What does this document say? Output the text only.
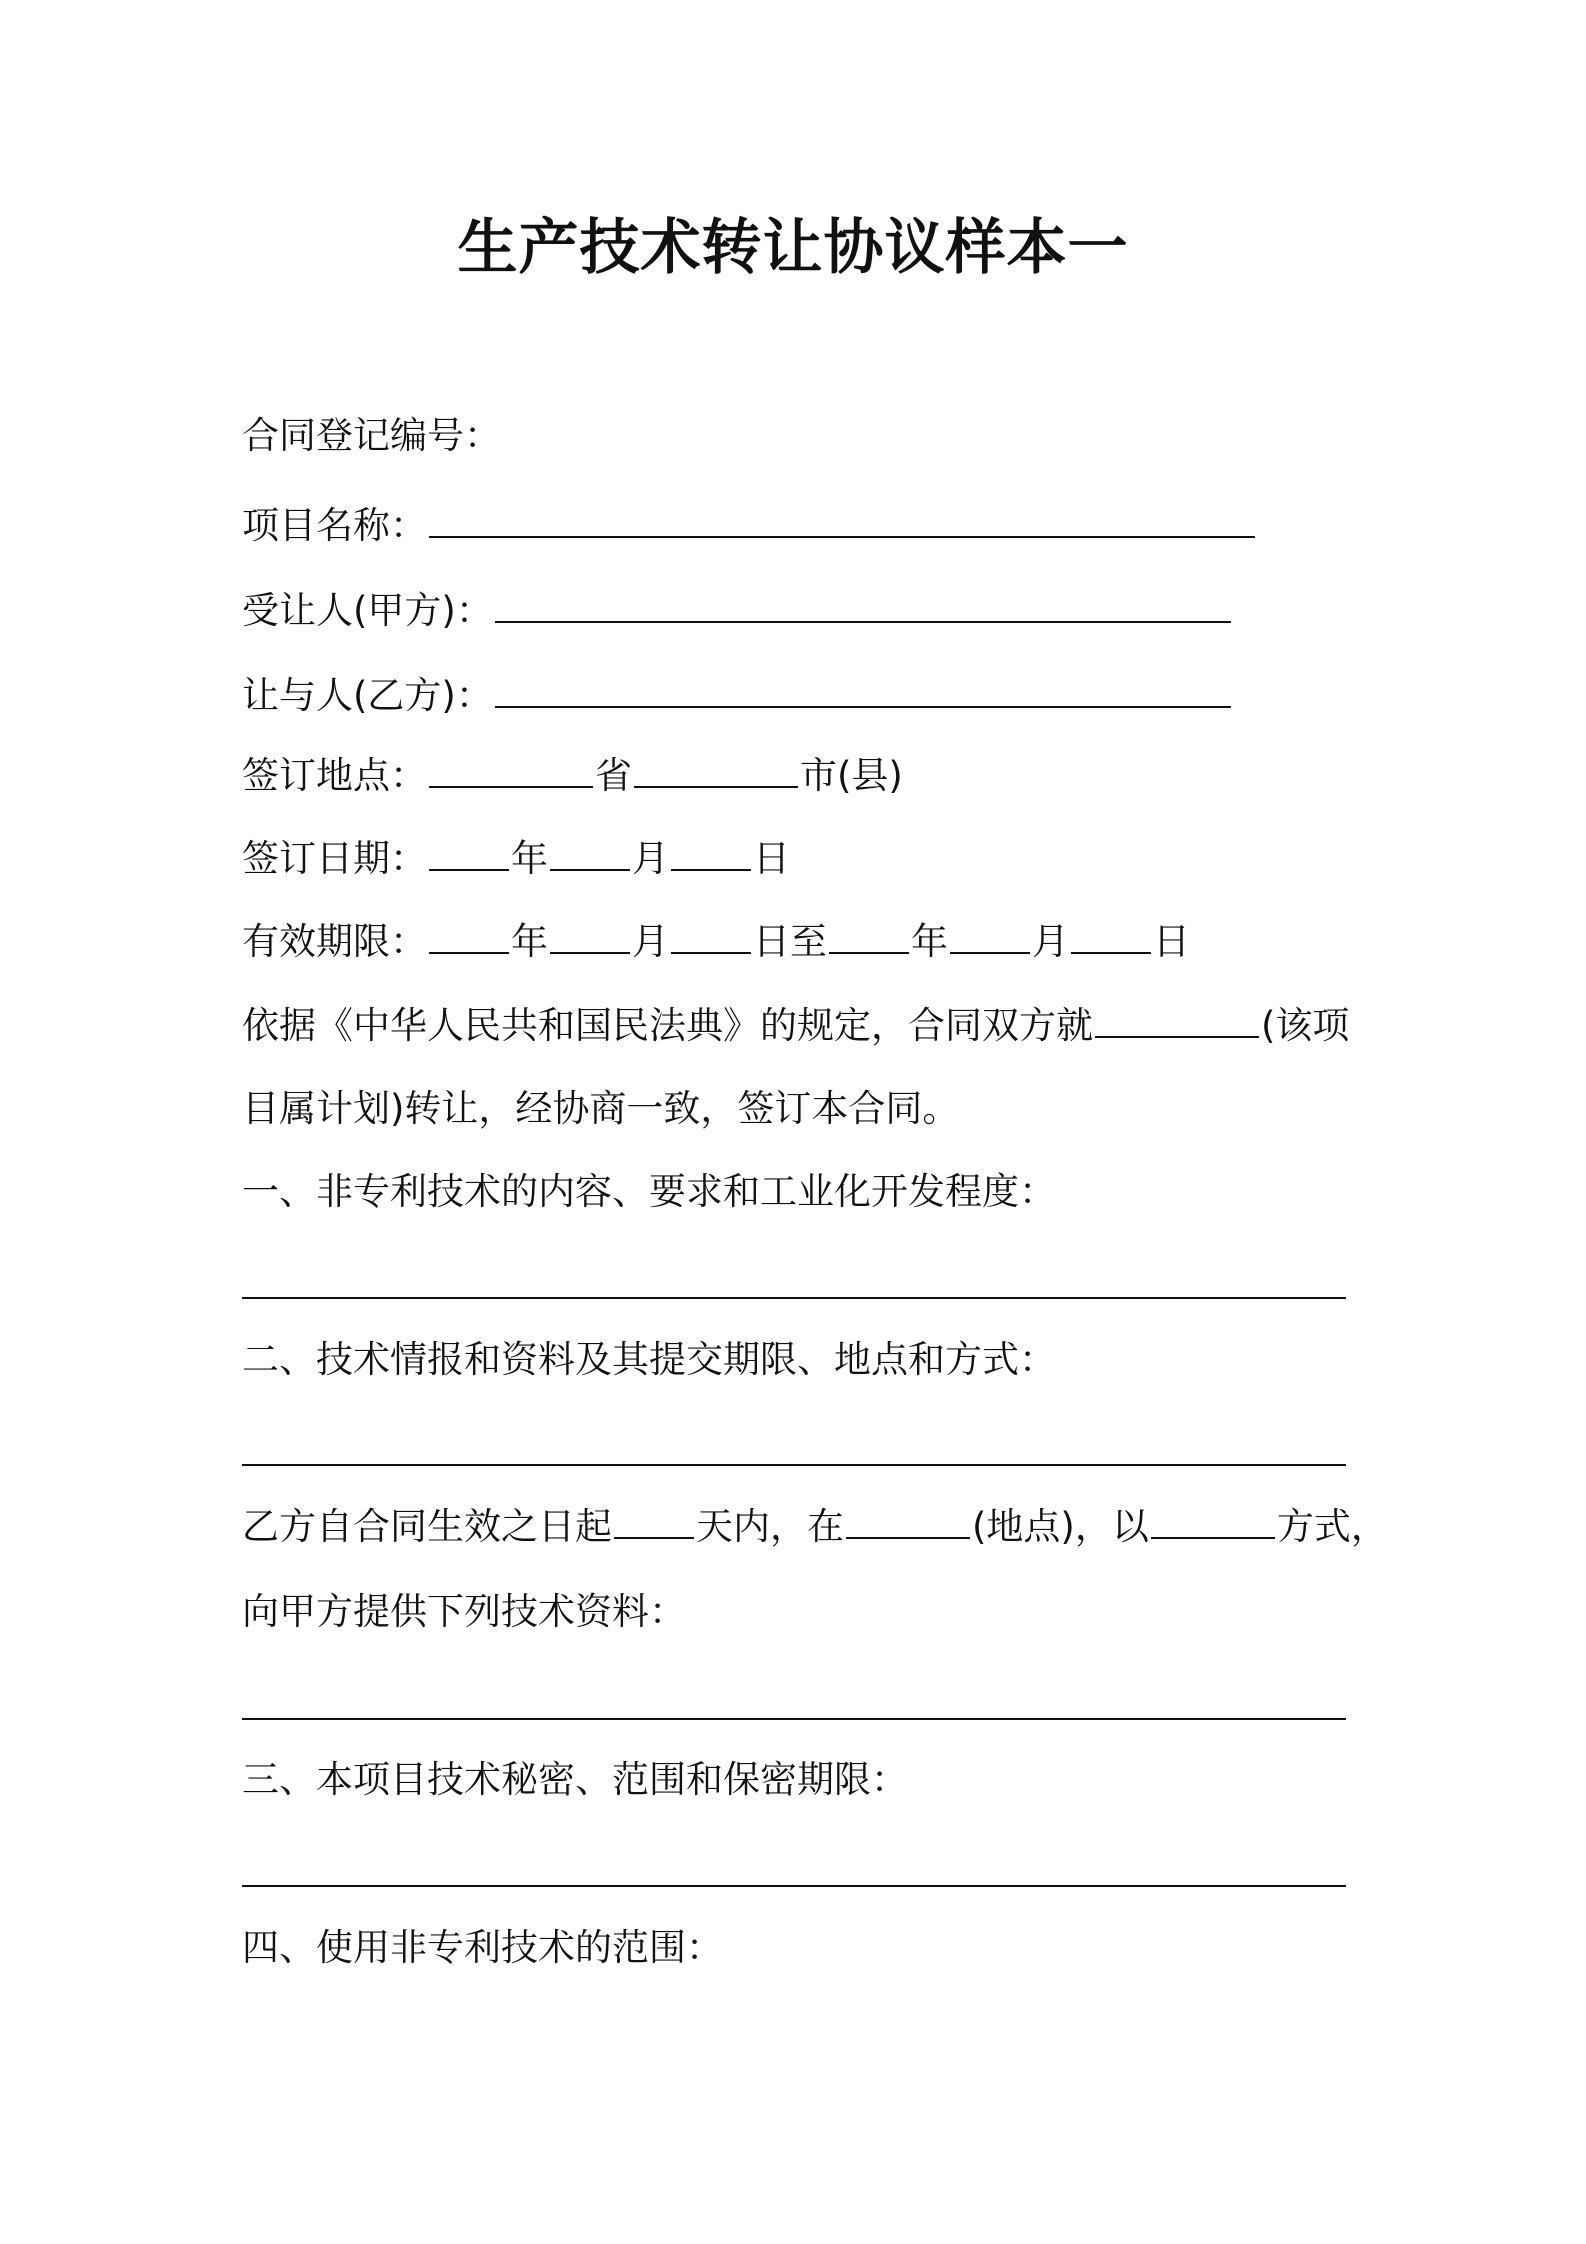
生产技术转让协议样本一
合同登记编号：
项目名称：
受让人(甲方)：
让与人(乙方)：
签订地点：	省	市(县)
签订日期： 年 月 日
有效期限： 年 月 日至 年 月 日
依据《中华人民共和国民法典》的规定，合同双方就	(该项
目属计划)转让，经协商一致，签订本合同。
一、非专利技术的内容、要求和工业化开发程度：
二、技术情报和资料及其提交期限、地点和方式：
乙方自合同生效之日起 天内，在	(地点)，以	方式，
向甲方提供下列技术资料：
三、本项目技术秘密、范围和保密期限：
四、使用非专利技术的范围：
